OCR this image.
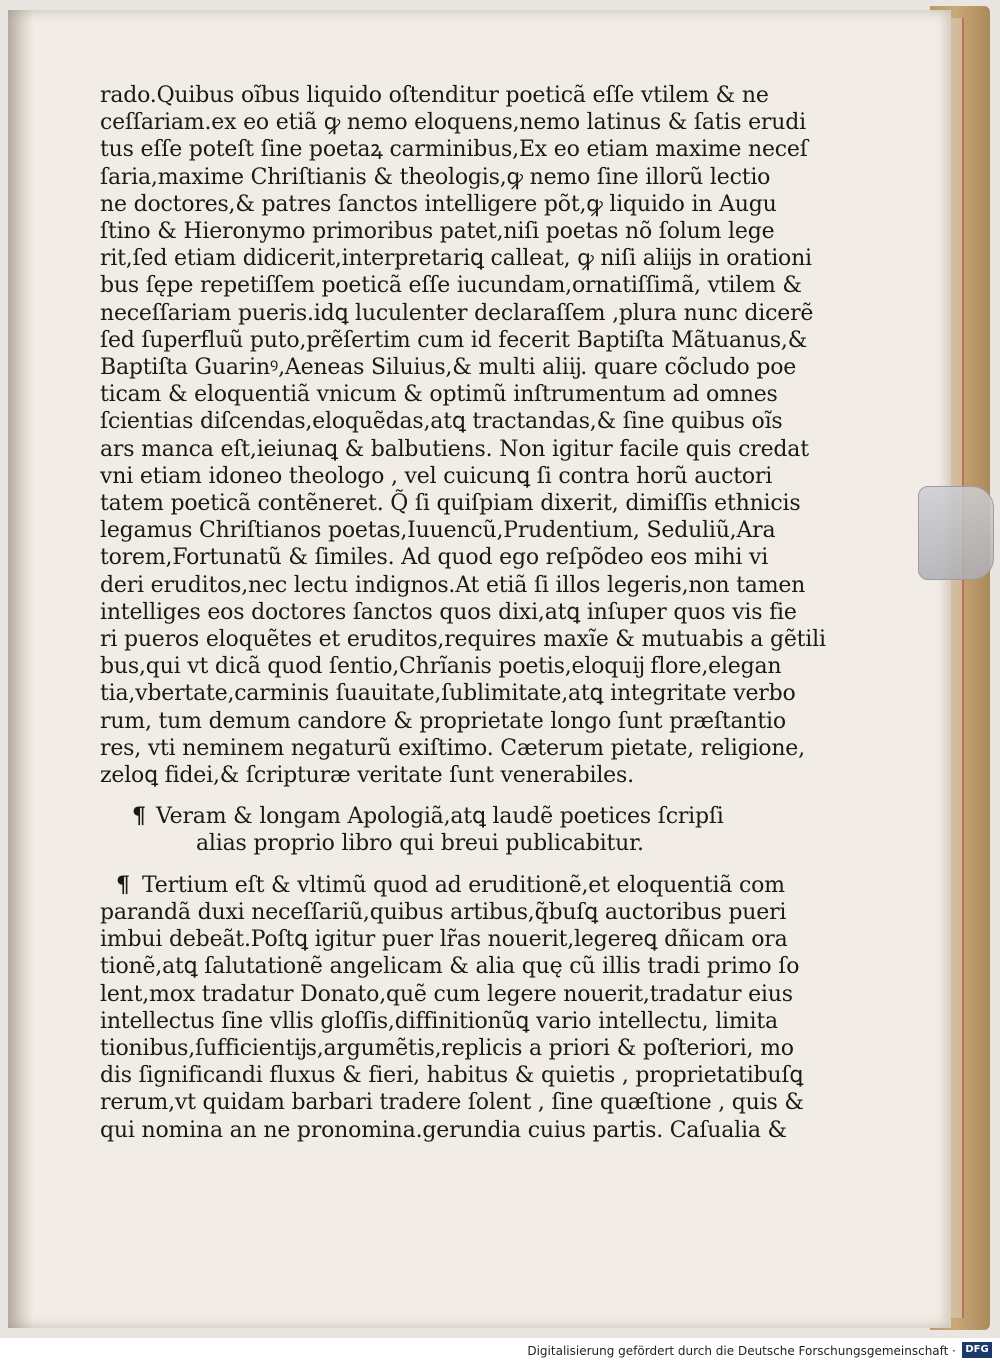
rado.Quibus oĩbus liquido oſtenditur poeticã eſſe vtilem & ne
ceſſariam.ex eo etiã ꝙ nemo eloquens,nemo latinus & ſatis erudi
tus eſſe poteſt ſine poetaꝝ carminibus,Ex eo etiam maxime neceſ
ſaria,maxime Chriſtianis & theologis,ꝙ nemo ſine illorũ lectio
ne doctores,& patres ſanctos intelligere põt,ꝙ liquido in Augu
ſtino & Hieronymo primoribus patet,niſi poetas nõ ſolum lege
rit,ſed etiam didicerit,interpretariꝗ calleat, ꝙ niſi aliĳs in orationi
bus ſępe repetiſſem poeticã eſſe iucundam,ornatiſſimã, vtilem &
neceſſariam pueris.idꝗ luculenter declaraſſem ,plura nunc dicerẽ
ſed ſuperfluũ puto,prẽſertim cum id fecerit Baptiſta Mãtuanus,&
Baptiſta Guarinꝰ,Aeneas Siluius,& multi aliĳ. quare cõcludo poe
ticam & eloquentiã vnicum & optimũ inſtrumentum ad omnes
ſcientias diſcendas,eloquẽdas,atꝗ tractandas,& ſine quibus oĩs
ars manca eſt,ieiunaꝗ & balbutiens. Non igitur facile quis credat
vni etiam idoneo theologo , vel cuicunꝗ ſi contra horũ auctori
tatem poeticã contẽneret. Q̃ ſi quiſpiam dixerit, dimiſſis ethnicis
legamus Chriſtianos poetas,Iuuencũ,Prudentium, Seduliũ,Ara
torem,Fortunatũ & ſimiles. Ad quod ego reſpõdeo eos mihi vi
deri eruditos,nec lectu indignos.At etiã ſi illos legeris,non tamen
intelliges eos doctores ſanctos quos dixi,atꝗ inſuper quos vis fie
ri pueros eloquẽtes et eruditos,requires maxĩe & mutuabis a gẽtili
bus,qui vt dicã quod ſentio,Chrĩanis poetis,eloquĳ flore,elegan
tia,vbertate,carminis ſuauitate,ſublimitate,atꝗ integritate verbo
rum, tum demum candore & proprietate longo ſunt præſtantio
res, vti neminem negaturũ exiſtimo. Cæterum pietate, religione,
zeloꝗ fidei,& ſcripturæ veritate ſunt venerabiles.
¶ Veram & longam Apologiã,atꝗ laudẽ poetices ſcripſi
alias proprio libro qui breui publicabitur.
¶ Tertium eſt & vltimũ quod ad eruditionẽ,et eloquentiã com
parandã duxi neceſſariũ,quibus artibus,q̃buſꝗ auctoribus pueri
imbui debeãt.Poſtꝗ igitur puer lr̃as nouerit,legereꝗ dñicam ora
tionẽ,atꝗ ſalutationẽ angelicam & alia quę cũ illis tradi primo ſo
lent,mox tradatur Donato,quẽ cum legere nouerit,tradatur eius
intellectus ſine vllis gloſſis,diffinitionũꝗ vario intellectu, limita
tionibus,ſufficientĳs,argumẽtis,replicis a priori & poſteriori, mo
dis ſignificandi fluxus & fieri, habitus & quietis , proprietatibuſꝗ
rerum,vt quidam barbari tradere ſolent , ſine quæſtione , quis &
qui nomina an ne pronomina.gerundia cuius partis. Caſualia &
Digitalisierung gefördert durch die Deutsche Forschungsgemeinschaft · DFG
